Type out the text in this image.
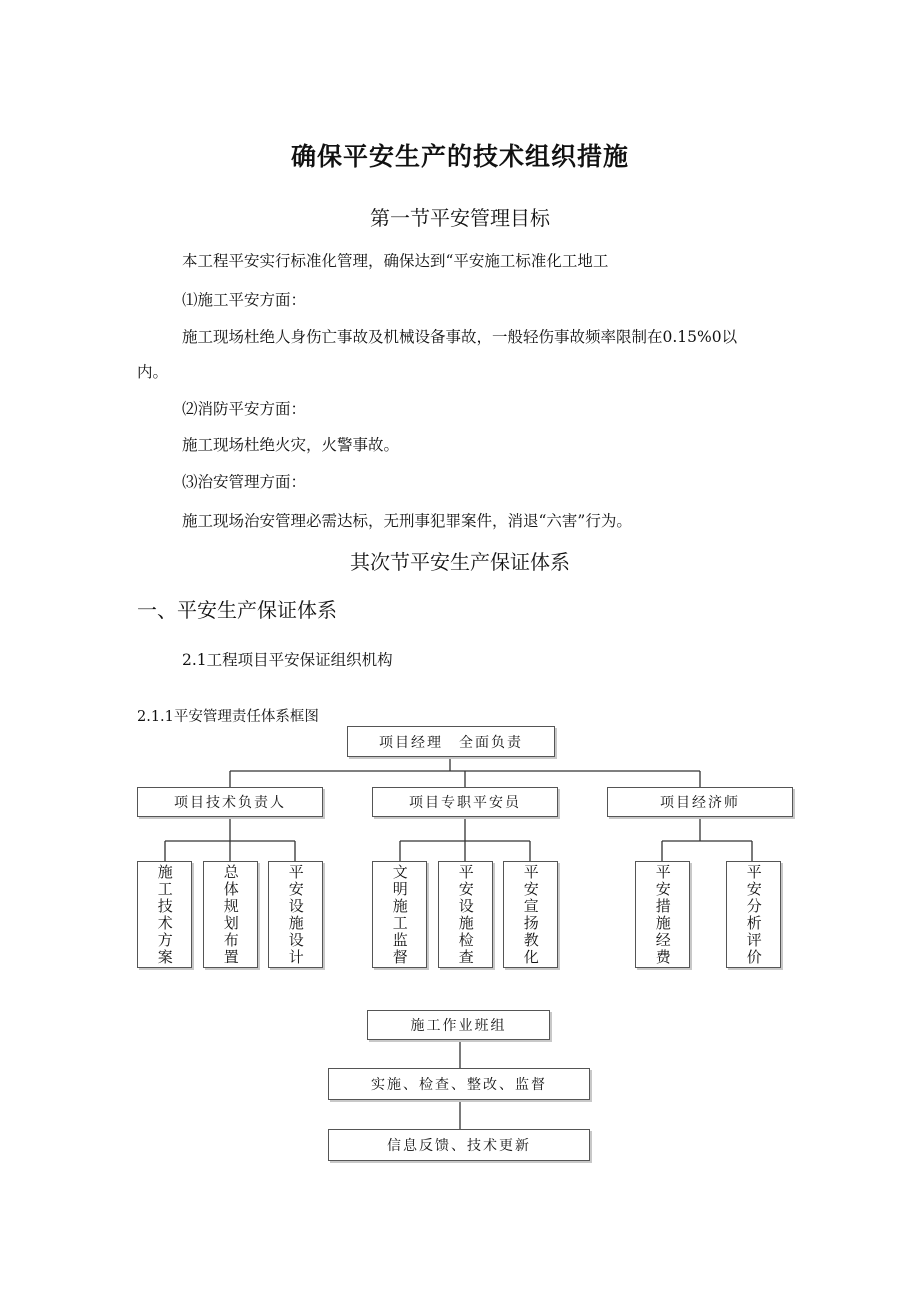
确保平安生产的技术组织措施
第一节平安管理目标
本工程平安实行标准化管理，确保达到“平安施工标准化工地工
⑴施工平安方面：
施工现场杜绝人身伤亡事故及机械设备事故，一般轻伤事故频率限制在0.15%0以
内。
⑵消防平安方面：
施工现场杜绝火灾，火警事故。
⑶治安管理方面：
施工现场治安管理必需达标，无刑事犯罪案件，消退“六害”行为。
其次节平安生产保证体系
一、平安生产保证体系
2.1工程项目平安保证组织机构
2.1.1平安管理责任体系框图
项目经理　全面负责
项目技术负责人	项目专职平安员	项目经济师
施工技术方案	总体规划布置	平安设施设计	文明施工监督	平安设施检查	平安宣扬教化	平安措施经费	平安分析评价
施工作业班组
实施、检查、整改、监督
信息反馈、技术更新
